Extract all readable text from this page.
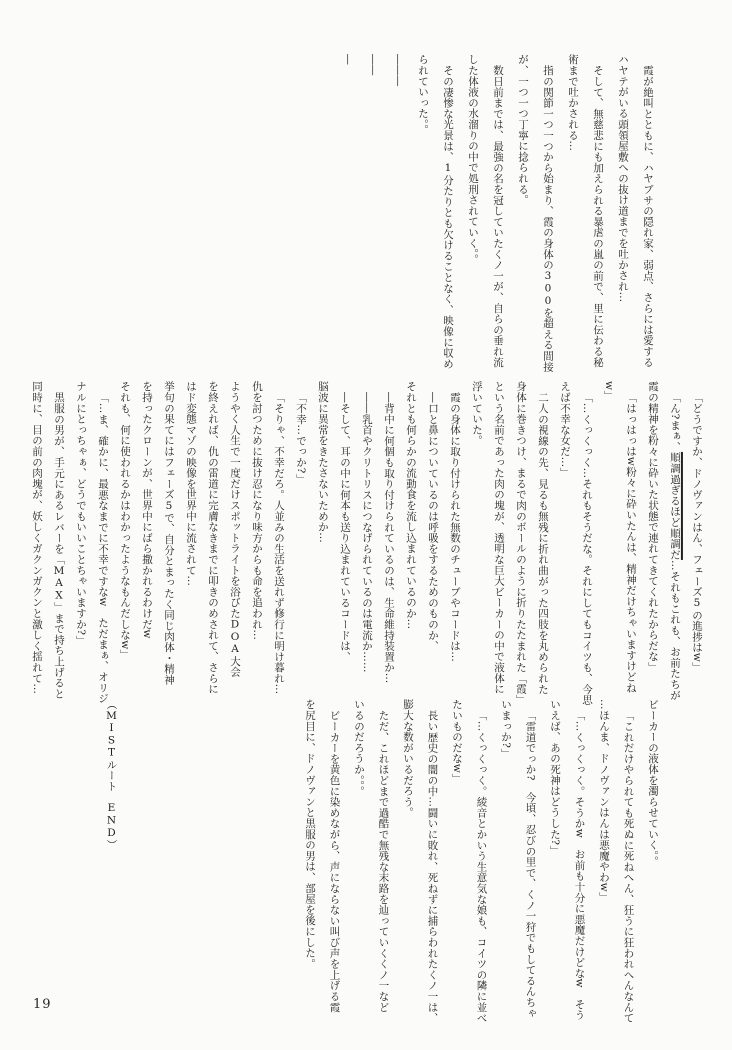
霞が絶叫とともに、ハヤブサの隠れ家、弱点、さらには愛する

ハヤテがいる頭領屋敷への抜け道までを吐かされ…

そして、無慈悲にも加えられる暴虐の嵐の前で、里に伝わる秘

術まで吐かされる…

指の関節一つ一つから始まり、霞の身体の300を超える間接

が、一つ一つ丁寧に捻られる。

数日前までは、最強の名を冠していたくノ一が、自らの垂れ流

した体液の水溜りの中で処刑されていく。。

その凄惨な光景は、1分たりとも欠けることなく、映像に収め

られていった。。

―――

――

―

「どうですか、ドノヴァンはん、フェーズ5の進捗はw」

「ん?まぁ、順調過ぎるほど順調だ…それもこれも、お前たちが

霞の精神を粉々に砕いた状態で連れてきてくれたからだな」

「はっはっはw粉々に砕いたんは、精神だけちゃいますけどね

w」

「…くっくっく…それもそうだな。それにしてもコイツも、今思

えば不幸な女だ…」

二人の視線の先、見るも無残に折れ曲がった四肢を丸められた

身体に巻きつけ、まるで肉のボールのように折りたたまれた「霞」

という名前であった肉の塊が、透明な巨大ビーカーの中で液体に

浮いていた。

霞の身体に取り付けられた無数のチューブやコードは…

―口と鼻についているのは呼吸をするためのものか、

それとも何らかの流動食を流し込まれているのか…

―背中に何個も取り付けられているのは、生命維持装置か…

――乳首やクリトリスにつなげられているのは電流か……

―そして、耳の中に何本も送り込まれているコードは、

脳波に異常をきたさないためか…

「不幸…でっか?」

「そりゃ、不幸だろ。人並みの生活を送れず修行に明け暮れ…

仇を討つために抜け忍になり味方からも命を追われ…

ようやく人生で一度だけスポットライトを浴びたDOA大会

を終えれば、仇の雷道に完膚なきまでに叩きのめされて、さらに

はド変態マゾの映像を世界中に流されて…

挙句の果てにはフェーズ5で、自分とまったく同じ肉体・精神

を持ったクローンが、世界中にばら撒かれるわけだw

それも、何に使われるかはわかったようなもんだしなw」

「…ま、確かに、最悪なまでに不幸ですなw　ただまぁ、オリジ

ナルにとっちゃぁ、どうでもいいことちゃいますか?」

黒服の男が、手元にあるレバーを「MAX」まで持ち上げると

同時に、目の前の肉塊が、妖しくガクンガクンと激しく揺れて…

ビーカーの液体を濁らせていく。。

「これだけやられても死ぬに死ねへん、狂うに狂われへんなんて

…ほんま、ドノヴァンはんは悪魔やわw」

「…くっくっく。そうかw　お前も十分に悪魔だけどなw　そう

いえば、あの死神はどうした?」

「雷道でっか?　今頃、忍びの里で、くノ一狩でもしてるんちゃ

いまっか?」

「…くっくっく。綾音とかいう生意気な娘も、コイツの隣に並べ

たいものだなw」

長い歴史の闇の中…闘いに敗れ、死ねずに捕らわれたくノ一は、

膨大な数がいるだろう。

ただ、これほどまで過酷で無残な末路を辿っていくくノ一など

いるのだろうか。。。

ビーカーを黄色に染めながら、声にならない叫び声を上げる霞

を尻目に、ドノヴァンと黒服の男は、部屋を後にした。

（MISTルート　END）

19
